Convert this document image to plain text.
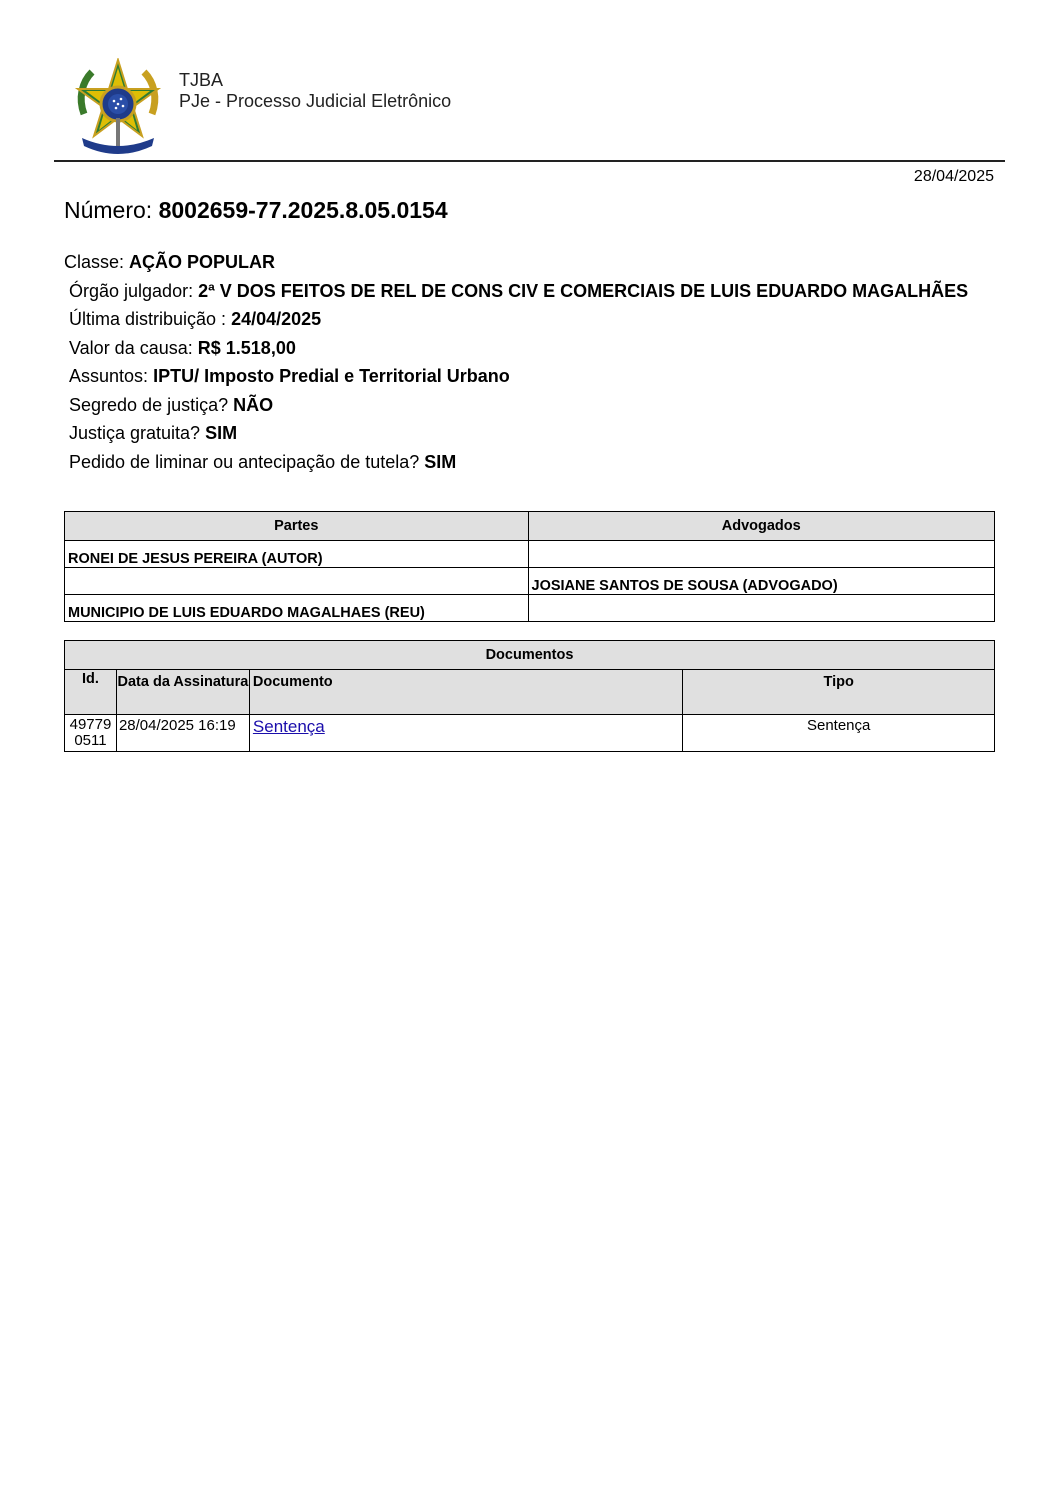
TJBA
PJe - Processo Judicial Eletrônico
28/04/2025
Número: 8002659-77.2025.8.05.0154
Classe: AÇÃO POPULAR
Órgão julgador: 2ª V DOS FEITOS DE REL DE CONS CIV E COMERCIAIS DE LUIS EDUARDO MAGALHÃES
Última distribuição : 24/04/2025
Valor da causa: R$ 1.518,00
Assuntos: IPTU/ Imposto Predial e Territorial Urbano
Segredo de justiça? NÃO
Justiça gratuita? SIM
Pedido de liminar ou antecipação de tutela? SIM
Partes	Advogados
RONEI DE JESUS PEREIRA (AUTOR)	
	JOSIANE SANTOS DE SOUSA (ADVOGADO)
MUNICIPIO DE LUIS EDUARDO MAGALHAES (REU)	
Documentos			
Id.	Data da Assinatura	Documento	Tipo
49779 0511	28/04/2025 16:19	Sentença	Sentença
